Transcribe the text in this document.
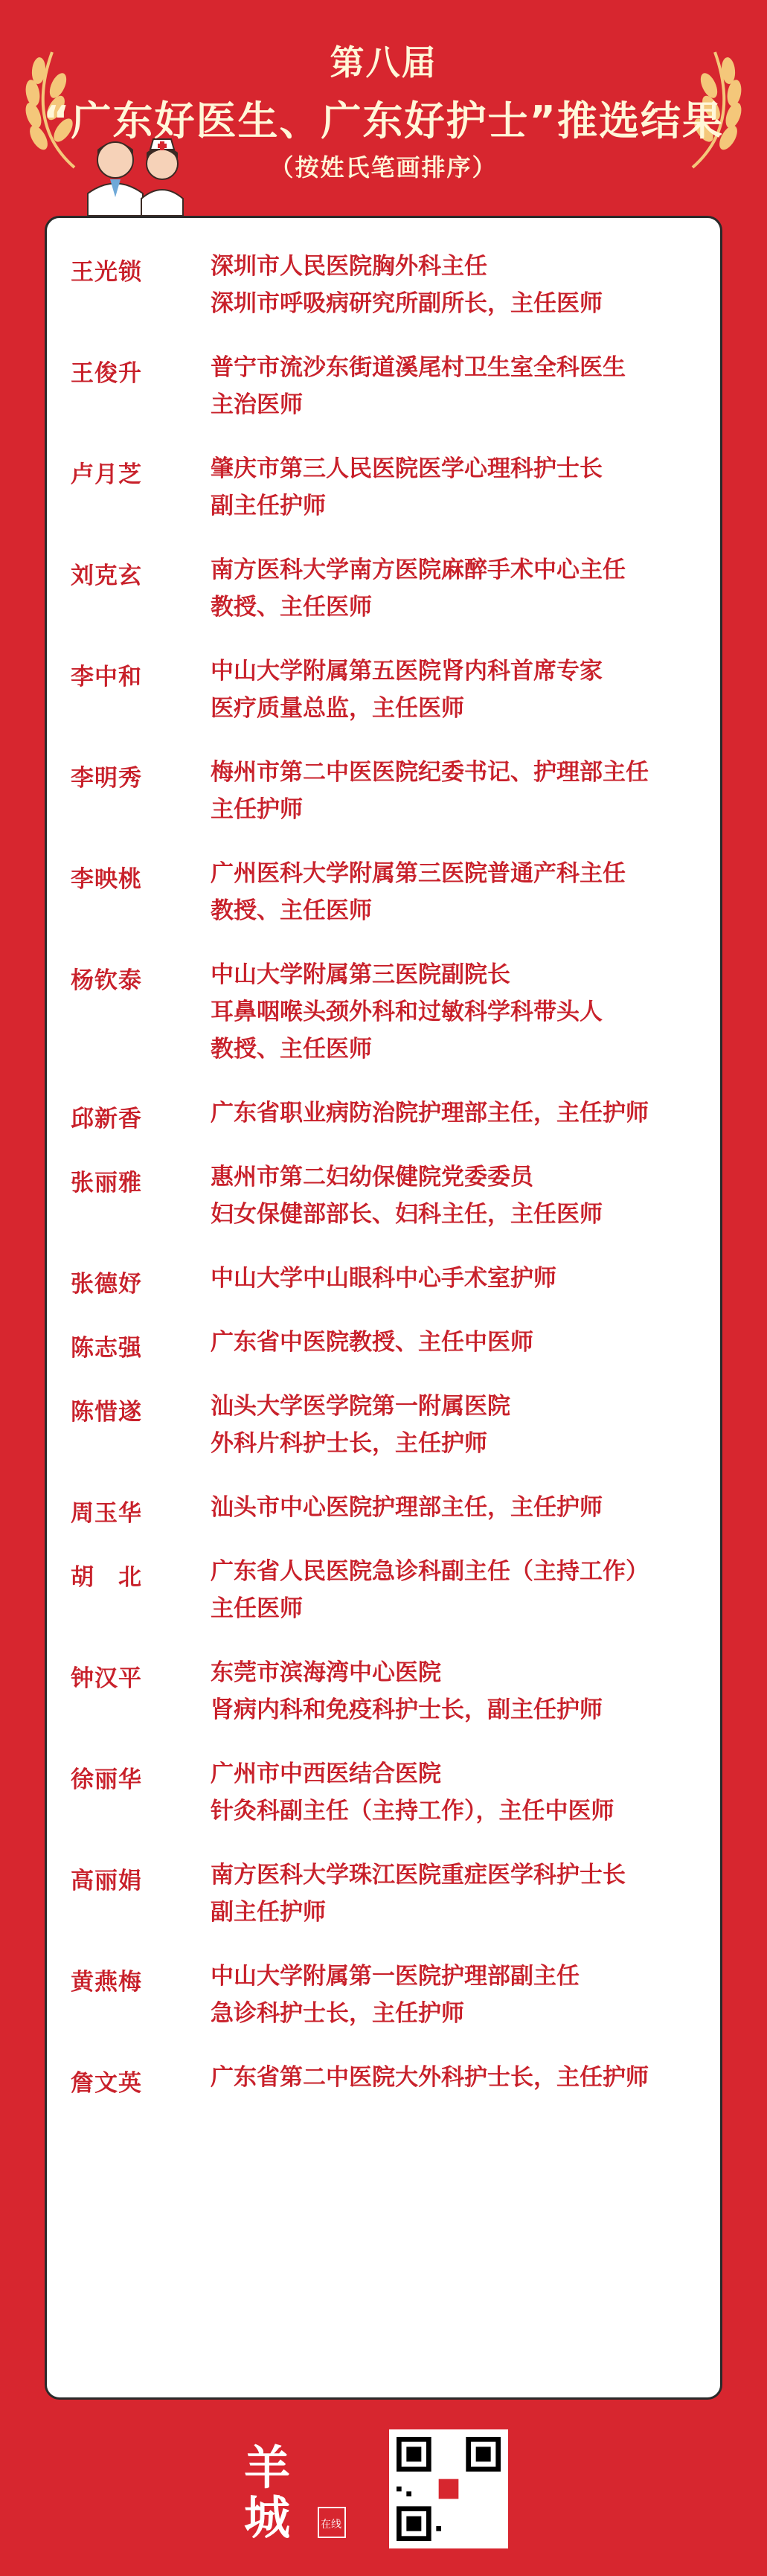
第八届
“广东好医生、广东好护士”推选结果
（按姓氏笔画排序）
王光锁	深圳市人民医院胸外科主任
深圳市呼吸病研究所副所长，主任医师
王俊升	普宁市流沙东街道溪尾村卫生室全科医生
主治医师
卢月芝	肇庆市第三人民医院医学心理科护士长
副主任护师
刘克玄	南方医科大学南方医院麻醉手术中心主任
教授、主任医师
李中和	中山大学附属第五医院肾内科首席专家
医疗质量总监，主任医师
李明秀	梅州市第二中医医院纪委书记、护理部主任
主任护师
李映桃	广州医科大学附属第三医院普通产科主任
教授、主任医师
杨钦泰	中山大学附属第三医院副院长
耳鼻咽喉头颈外科和过敏科学科带头人
教授、主任医师
邱新香	广东省职业病防治院护理部主任，主任护师
张丽雅	惠州市第二妇幼保健院党委委员
妇女保健部部长、妇科主任，主任医师
张德妤	中山大学中山眼科中心手术室护师
陈志强	广东省中医院教授、主任中医师
陈惜遂	汕头大学医学院第一附属医院
外科片科护士长，主任护师
周玉华	汕头市中心医院护理部主任，主任护师
胡　北	广东省人民医院急诊科副主任（主持工作）
主任医师
钟汉平	东莞市滨海湾中心医院
肾病内科和免疫科护士长，副主任护师
徐丽华	广州市中西医结合医院
针灸科副主任（主持工作），主任中医师
高丽娟	南方医科大学珠江医院重症医学科护士长
副主任护师
黄燕梅	中山大学附属第一医院护理部副主任
急诊科护士长，主任护师
詹文英	广东省第二中医院大外科护士长，主任护师
羊
城	在线
